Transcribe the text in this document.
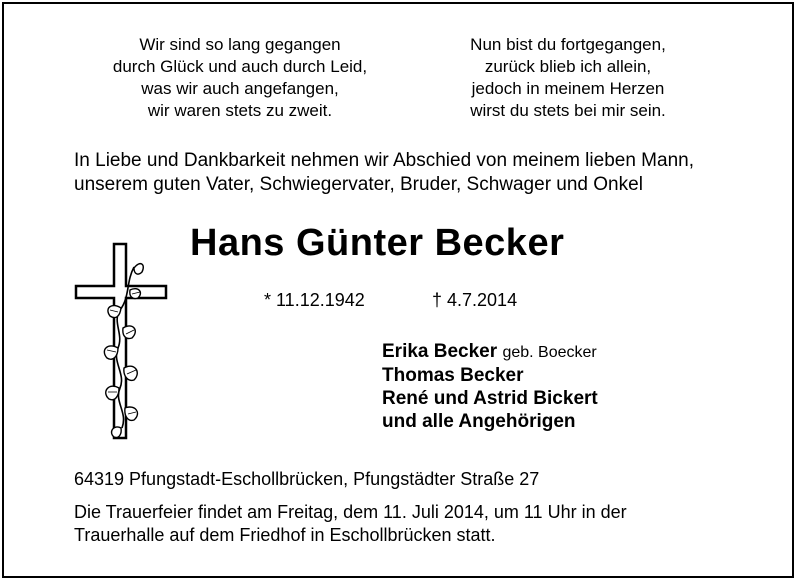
Wir sind so lang gegangen
durch Glück und auch durch Leid,
was wir auch angefangen,
wir waren stets zu zweit.
Nun bist du fortgegangen,
zurück blieb ich allein,
jedoch in meinem Herzen
wirst du stets bei mir sein.
In Liebe und Dankbarkeit nehmen wir Abschied von meinem lieben Mann,
unserem guten Vater, Schwiegervater, Bruder, Schwager und Onkel
Hans Günter Becker
* 11.12.1942	† 4.7.2014
Erika Becker geb. Boecker
Thomas Becker
René und Astrid Bickert
und alle Angehörigen
64319 Pfungstadt-Eschollbrücken, Pfungstädter Straße 27
Die Trauerfeier findet am Freitag, dem 11. Juli 2014, um 11 Uhr in der
Trauerhalle auf dem Friedhof in Eschollbrücken statt.
